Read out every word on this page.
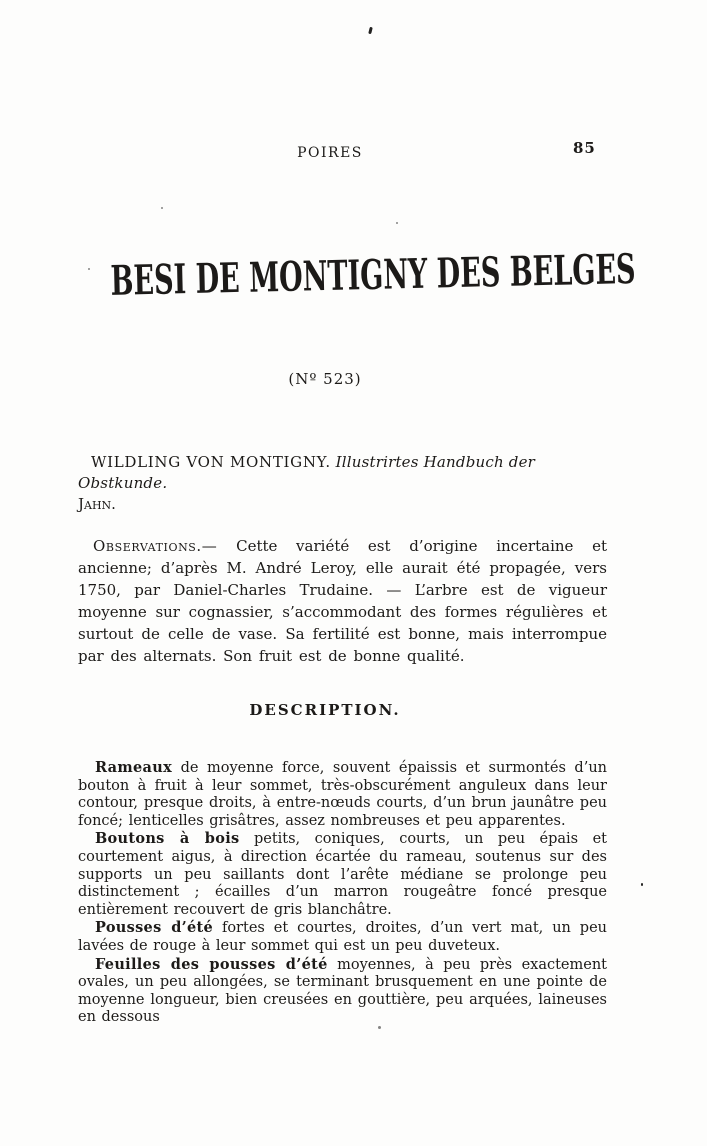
POIRES	85
BESI DE MONTIGNY DES BELGES
(Nº 523)

WILDLING VON MONTIGNY. Illustrirtes Handbuch der Obstkunde.
Jahn.

Observations.— Cette variété est d’origine incertaine et ancienne; d’après M. André Leroy, elle aurait été propagée, vers 1750, par Daniel-Charles Trudaine. — L’arbre est de vigueur moyenne sur cognassier, s’accommodant des formes régulières et surtout de celle de vase. Sa fertilité est bonne, mais interrompue par des alternats. Son fruit est de bonne qualité.

DESCRIPTION.

Rameaux de moyenne force, souvent épaissis et surmontés d’un bouton à fruit à leur sommet, très-obscurément anguleux dans leur contour, presque droits, à entre-nœuds courts, d’un brun jaunâtre peu foncé; lenticelles grisâtres, assez nombreuses et peu apparentes.

Boutons à bois petits, coniques, courts, un peu épais et courtement aigus, à direction écartée du rameau, soutenus sur des supports un peu saillants dont l’arête médiane se prolonge peu distinctement ; écailles d’un marron rougeâtre foncé presque entièrement recouvert de gris blanchâtre.

Pousses d’été fortes et courtes, droites, d’un vert mat, un peu lavées de rouge à leur sommet qui est un peu duveteux.

Feuilles des pousses d’été moyennes, à peu près exactement ovales, un peu allongées, se terminant brusquement en une pointe de moyenne longueur, bien creusées en gouttière, peu arquées, laineuses en dessous
